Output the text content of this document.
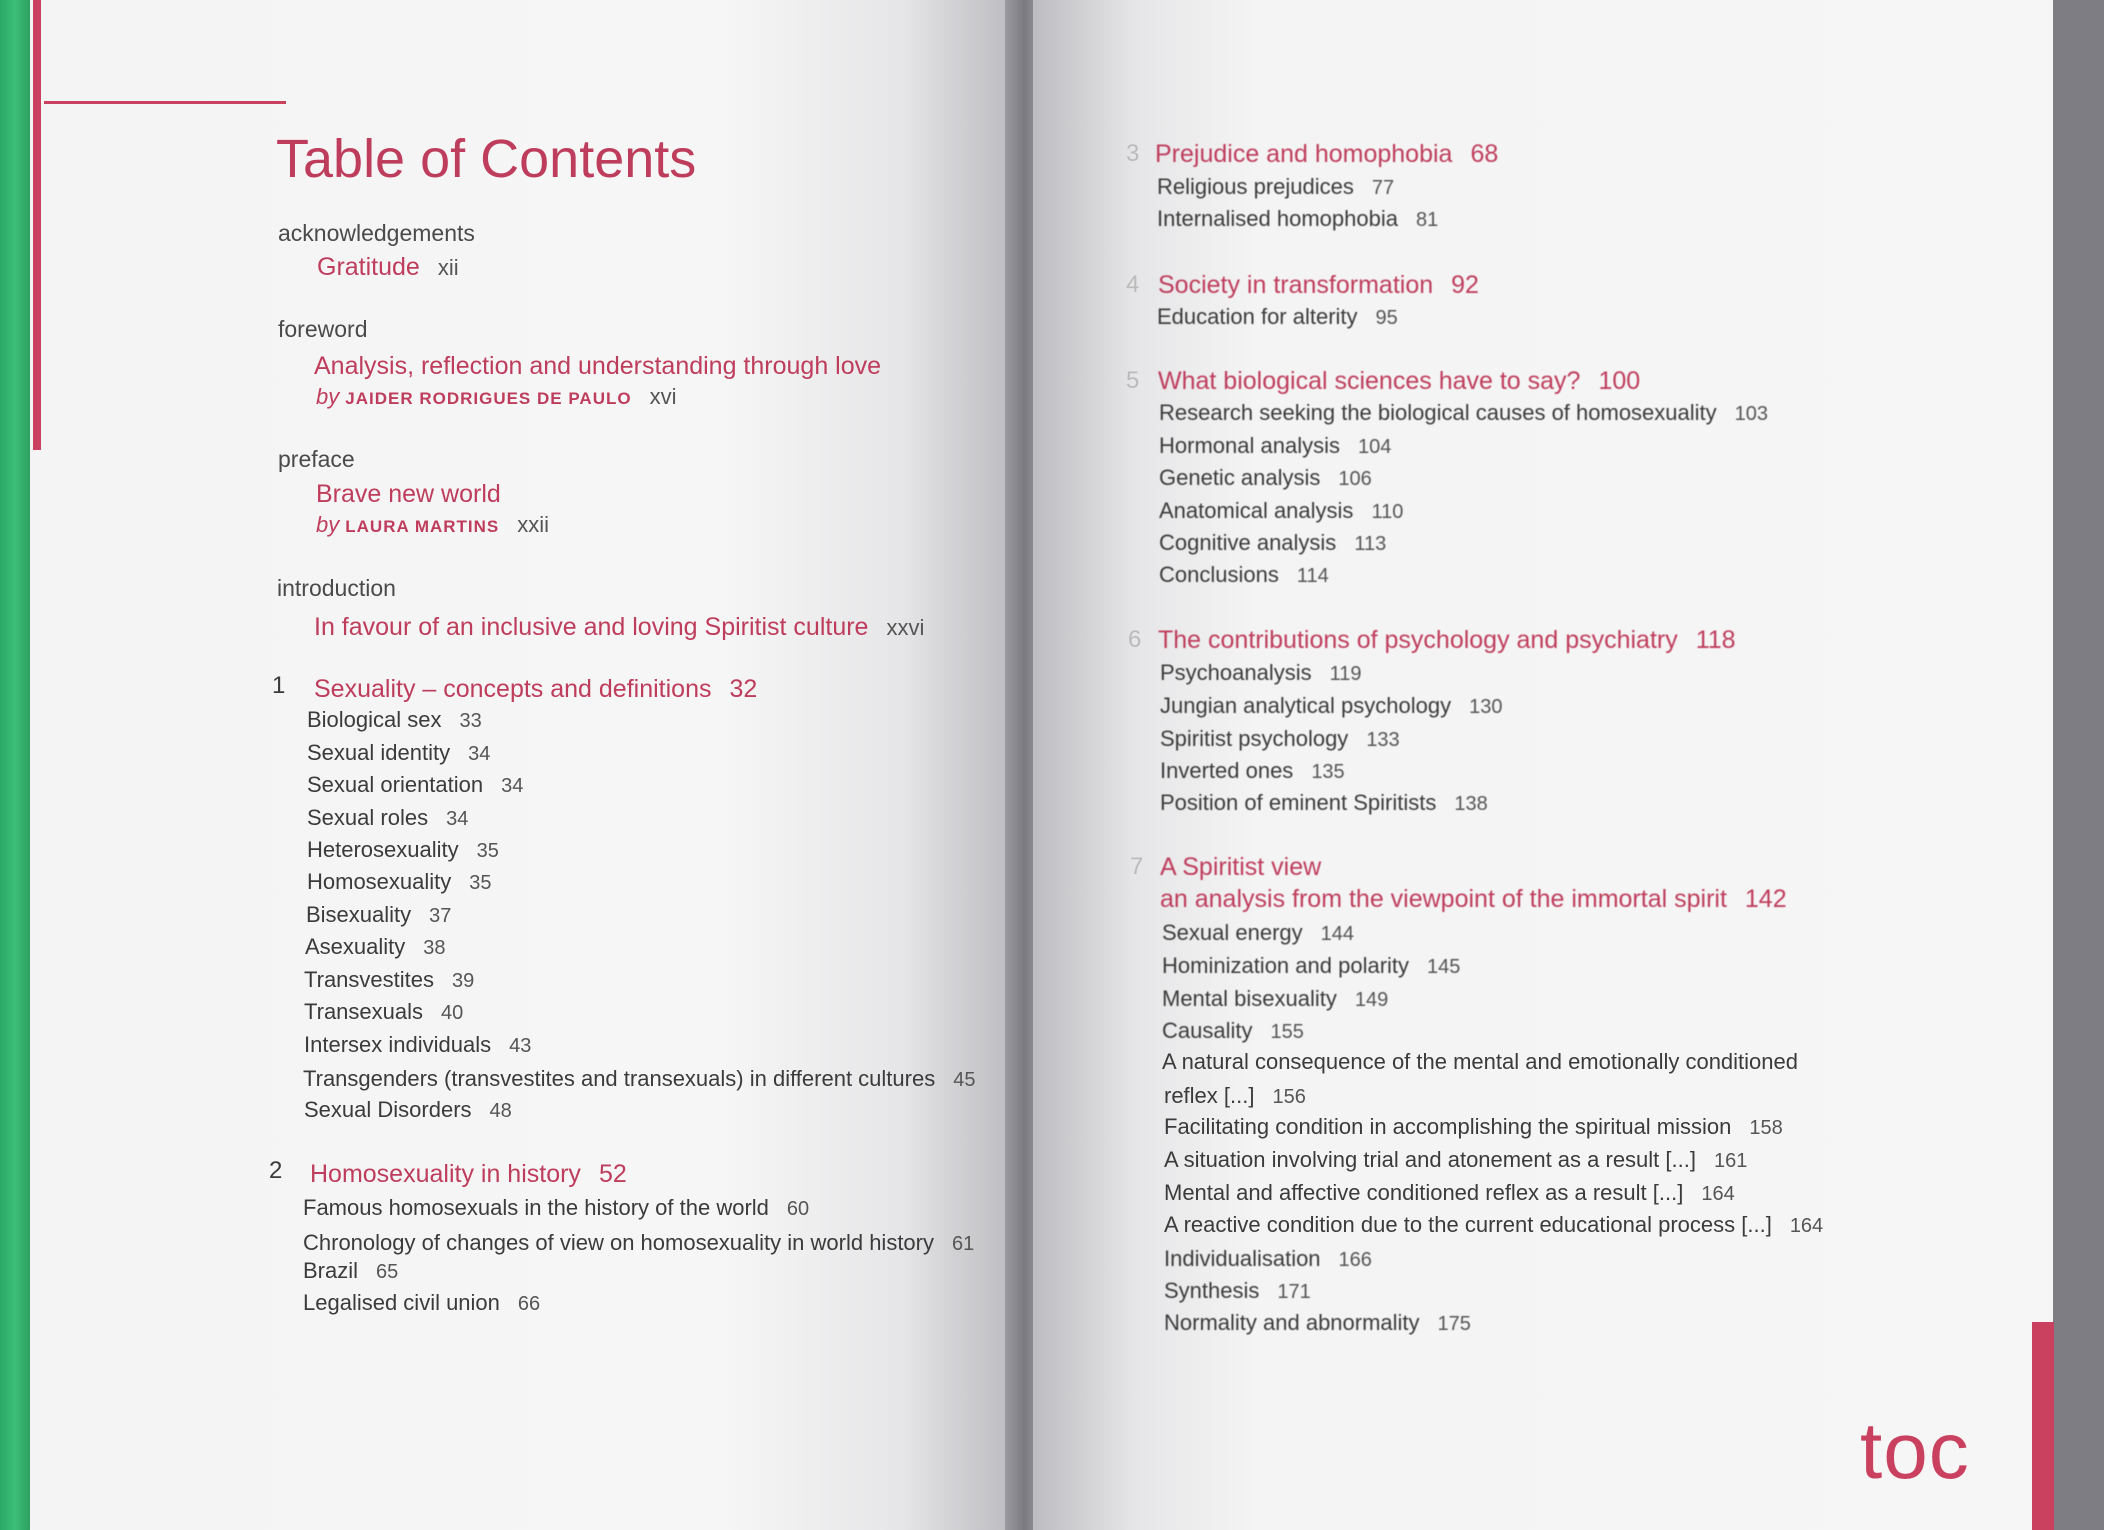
Table of Contents
acknowledgements
Gratitude xii
foreword
Analysis, reflection and understanding through love
by JAIDER RODRIGUES DE PAULO xvi
preface
Brave new world
by LAURA MARTINS xxii
introduction
In favour of an inclusive and loving Spiritist culture xxvi
1 Sexuality – concepts and definitions 32
Biological sex 33
Sexual identity 34
Sexual orientation 34
Sexual roles 34
Heterosexuality 35
Homosexuality 35
Bisexuality 37
Asexuality 38
Transvestites 39
Transexuals 40
Intersex individuals 43
Transgenders (transvestites and transexuals) in different cultures 45
Sexual Disorders 48
2 Homosexuality in history 52
Famous homosexuals in the history of the world 60
Chronology of changes of view on homosexuality in world history 61
Brazil 65
Legalised civil union 66
3 Prejudice and homophobia 68
Religious prejudices 77
Internalised homophobia 81
4 Society in transformation 92
Education for alterity 95
5 What biological sciences have to say? 100
Research seeking the biological causes of homosexuality 103
Hormonal analysis 104
Genetic analysis 106
Anatomical analysis 110
Cognitive analysis 113
Conclusions 114
6 The contributions of psychology and psychiatry 118
Psychoanalysis 119
Jungian analytical psychology 130
Spiritist psychology 133
Inverted ones 135
Position of eminent Spiritists 138
7 A Spiritist view
an analysis from the viewpoint of the immortal spirit 142
Sexual energy 144
Hominization and polarity 145
Mental bisexuality 149
Causality 155
A natural consequence of the mental and emotionally conditioned
reflex [...] 156
Facilitating condition in accomplishing the spiritual mission 158
A situation involving trial and atonement as a result [...] 161
Mental and affective conditioned reflex as a result [...] 164
A reactive condition due to the current educational process [...] 164
Individualisation 166
Synthesis 171
Normality and abnormality 175
toc
